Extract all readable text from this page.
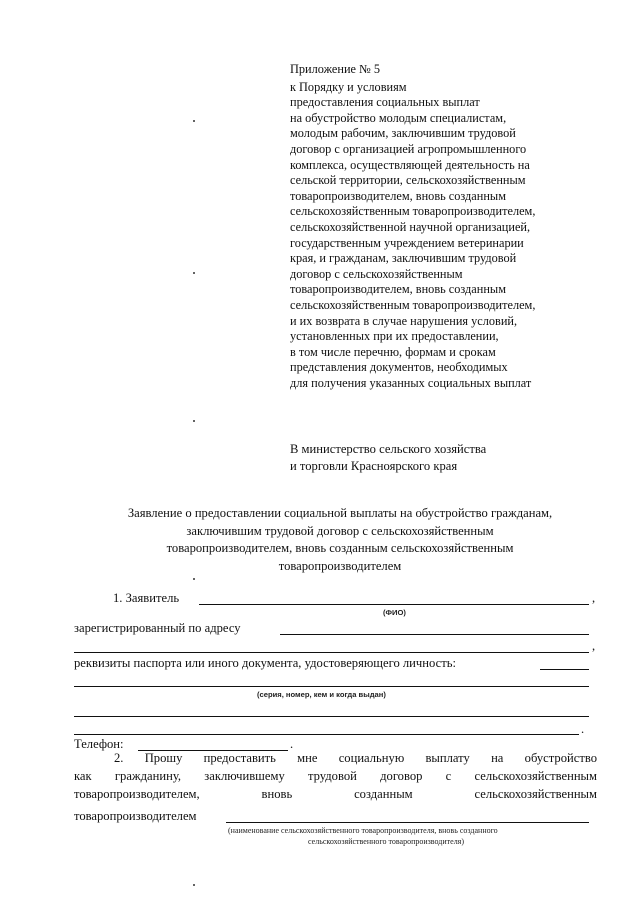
Приложение № 5
к Порядку и условиям
предоставления социальных выплат
на обустройство молодым специалистам,
молодым рабочим, заключившим трудовой
договор с организацией агропромышленного
комплекса, осуществляющей деятельность на
сельской территории, сельскохозяйственным
товаропроизводителем, вновь созданным
сельскохозяйственным товаропроизводителем,
сельскохозяйственной научной организацией,
государственным учреждением ветеринарии
края, и гражданам, заключившим трудовой
договор с сельскохозяйственным
товаропроизводителем, вновь созданным
сельскохозяйственным товаропроизводителем,
и их возврата в случае нарушения условий,
установленных при их предоставлении,
в том числе перечню, формам и срокам
представления документов, необходимых
для получения указанных социальных выплат
В министерство сельского хозяйства
и торговли Красноярского края
Заявление о предоставлении социальной выплаты на обустройство гражданам,
заключившим трудовой договор с сельскохозяйственным
товаропроизводителем, вновь созданным сельскохозяйственным
товаропроизводителем
1. Заявитель	,
(ФИО)
зарегистрированный по адресу
,
реквизиты паспорта или иного документа, удостоверяющего личность:
(серия, номер, кем и когда выдан)
.
Телефон:	.
2. Прошу предоставить мне социальную выплату на обустройство
как гражданину, заключившему трудовой договор с сельскохозяйственным
товаропроизводителем, вновь созданным сельскохозяйственным
товаропроизводителем
(наименование сельскохозяйственного товаропроизводителя, вновь созданного
сельскохозяйственного товаропроизводителя)
